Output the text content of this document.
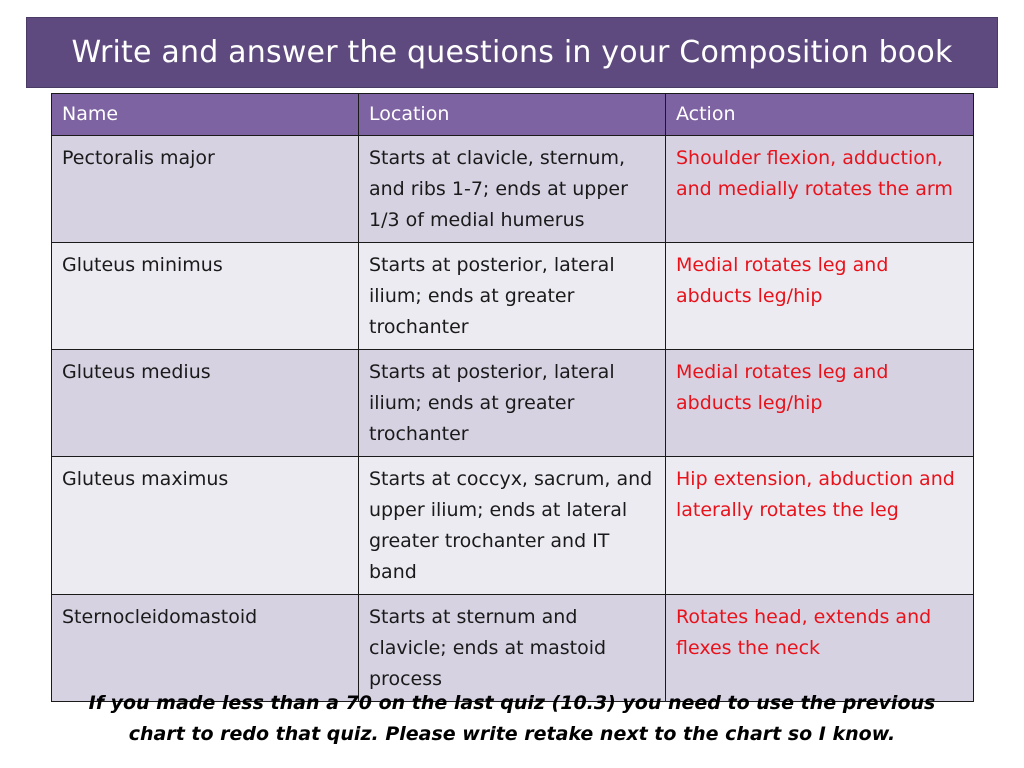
Write and answer the questions in your Composition book
Name	Location	Action
Pectoralis major	Starts at clavicle, sternum, and ribs 1-7; ends at upper 1/3 of medial humerus	Shoulder flexion, adduction, and medially rotates the arm
Gluteus minimus	Starts at posterior, lateral ilium; ends at greater trochanter	Medial rotates leg and abducts leg/hip
Gluteus medius	Starts at posterior, lateral ilium; ends at greater trochanter	Medial rotates leg and abducts leg/hip
Gluteus maximus	Starts at coccyx, sacrum, and upper ilium; ends at lateral greater trochanter and IT band	Hip extension, abduction and laterally rotates the leg
Sternocleidomastoid	Starts at sternum and clavicle; ends at mastoid process	Rotates head, extends and flexes the neck
If you made less than a 70 on the last quiz (10.3) you need to use the previous chart to redo that quiz. Please write retake next to the chart so I know.
